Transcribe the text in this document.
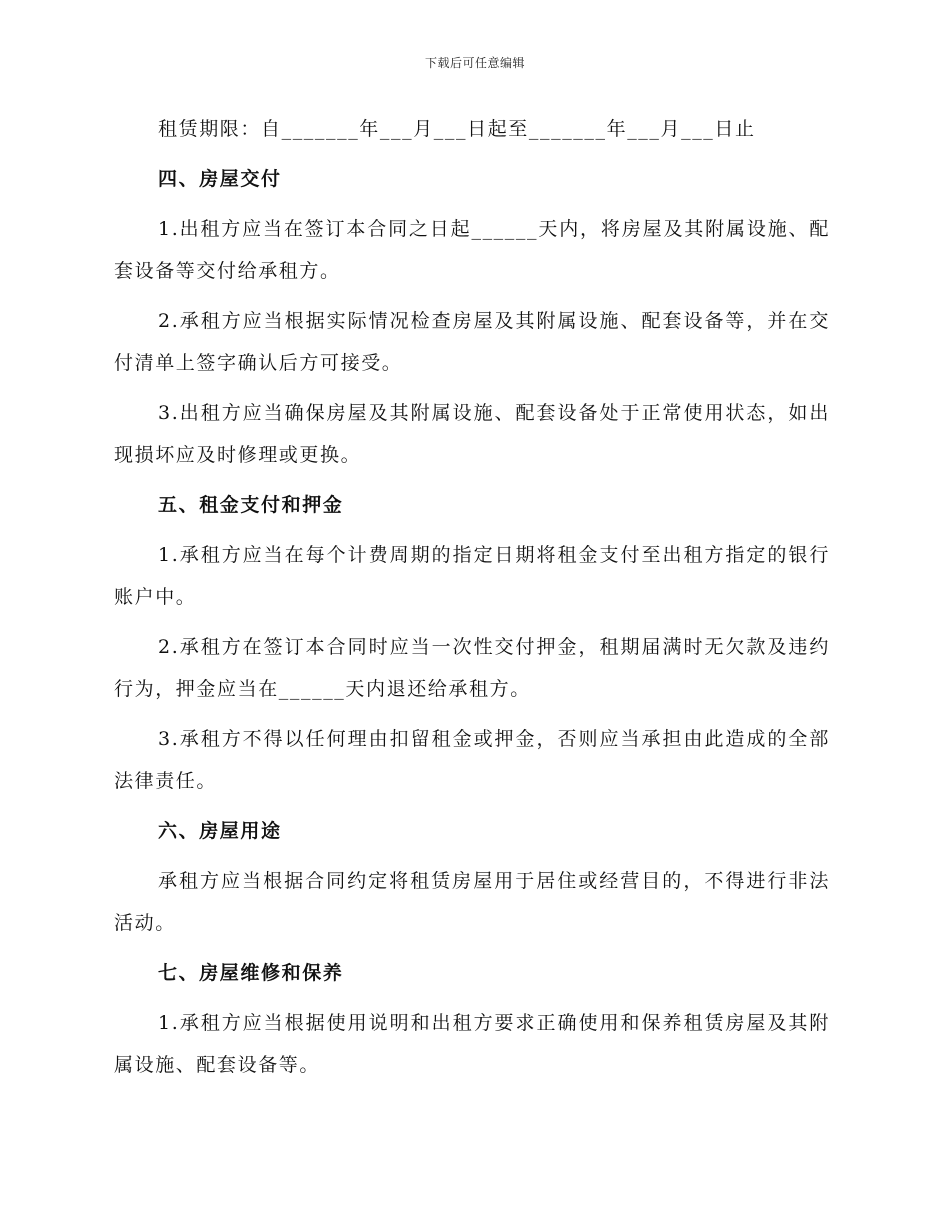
下载后可任意编辑

租赁期限：自_______年___月___日起至_______年___月___日止

四、房屋交付

1.出租方应当在签订本合同之日起______天内，将房屋及其附属设施、配套设备等交付给承租方。

2.承租方应当根据实际情况检查房屋及其附属设施、配套设备等，并在交付清单上签字确认后方可接受。

3.出租方应当确保房屋及其附属设施、配套设备处于正常使用状态，如出现损坏应及时修理或更换。

五、租金支付和押金

1.承租方应当在每个计费周期的指定日期将租金支付至出租方指定的银行账户中。

2.承租方在签订本合同时应当一次性交付押金，租期届满时无欠款及违约行为，押金应当在______天内退还给承租方。

3.承租方不得以任何理由扣留租金或押金，否则应当承担由此造成的全部法律责任。

六、房屋用途

承租方应当根据合同约定将租赁房屋用于居住或经营目的，不得进行非法活动。

七、房屋维修和保养

1.承租方应当根据使用说明和出租方要求正确使用和保养租赁房屋及其附属设施、配套设备等。
